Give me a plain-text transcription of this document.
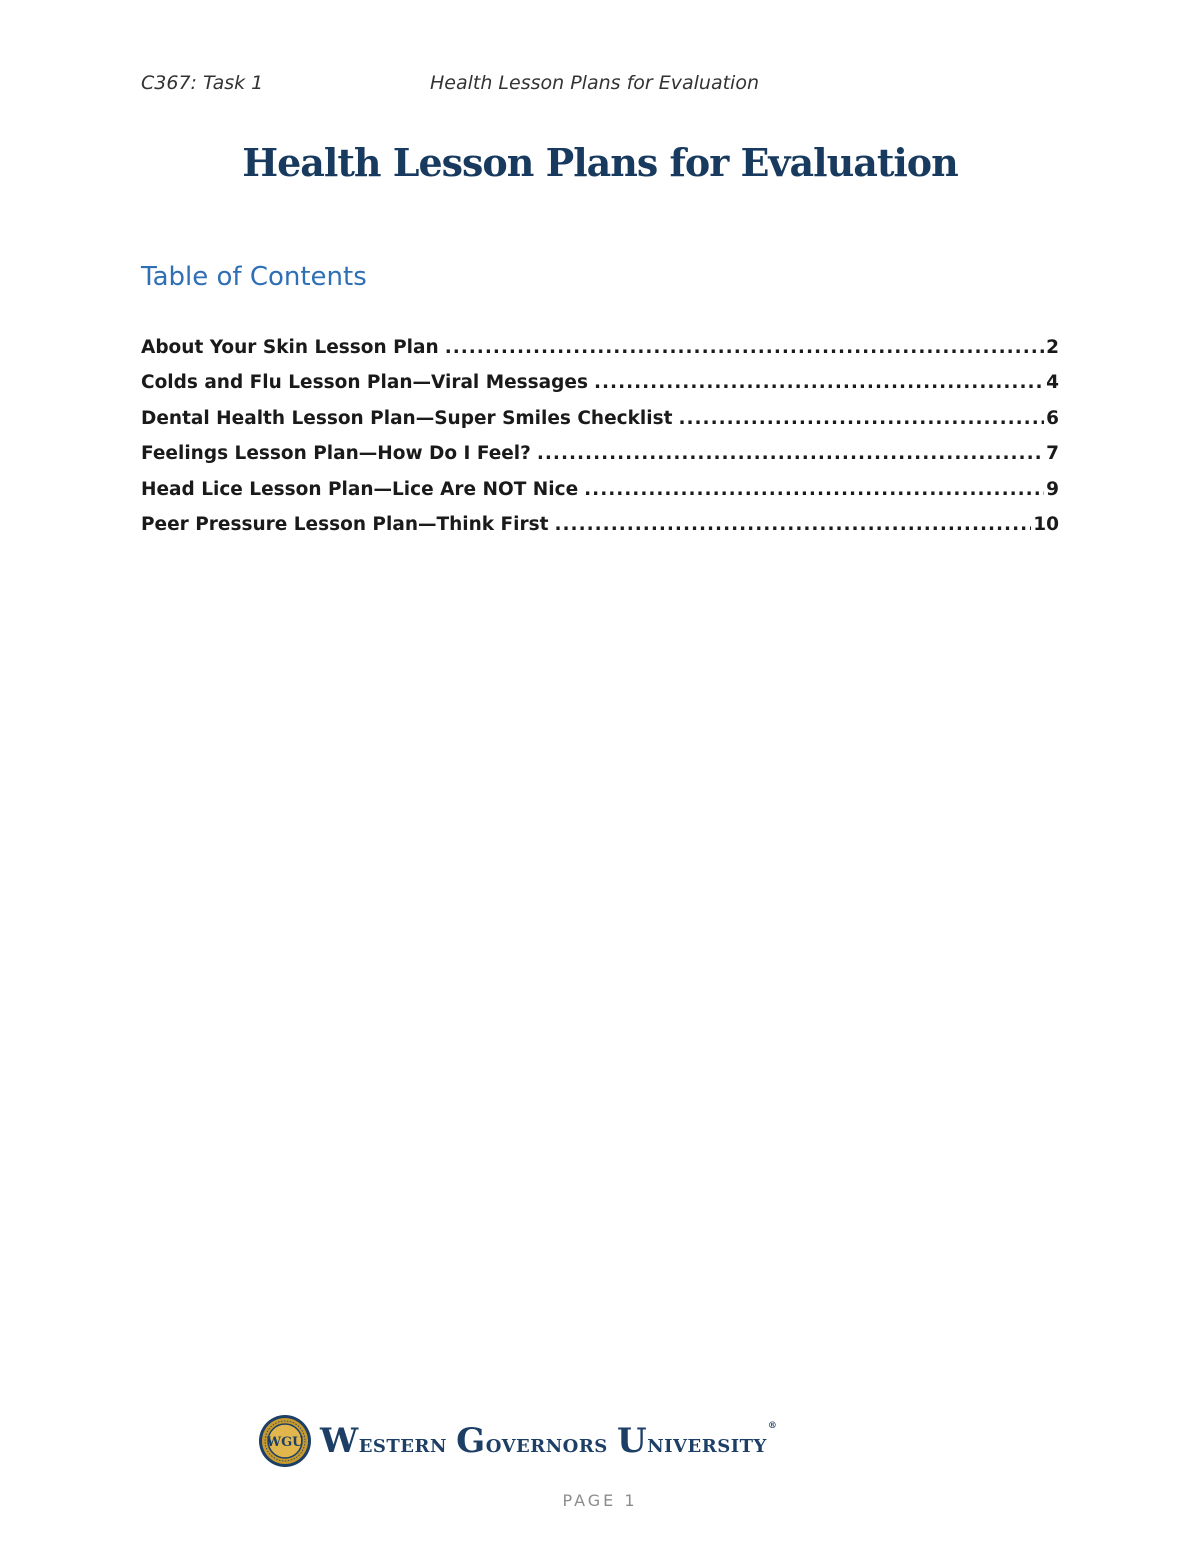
C367: Task 1	Health Lesson Plans for Evaluation
Health Lesson Plans for Evaluation
Table of Contents
About Your Skin Lesson Plan .....	2
Colds and Flu Lesson Plan—Viral Messages .....	4
Dental Health Lesson Plan—Super Smiles Checklist .....	6
Feelings Lesson Plan—How Do I Feel? .....	7
Head Lice Lesson Plan—Lice Are NOT Nice .....	9
Peer Pressure Lesson Plan—Think First .....	10
WGU Western Governors University®
PAGE 1
